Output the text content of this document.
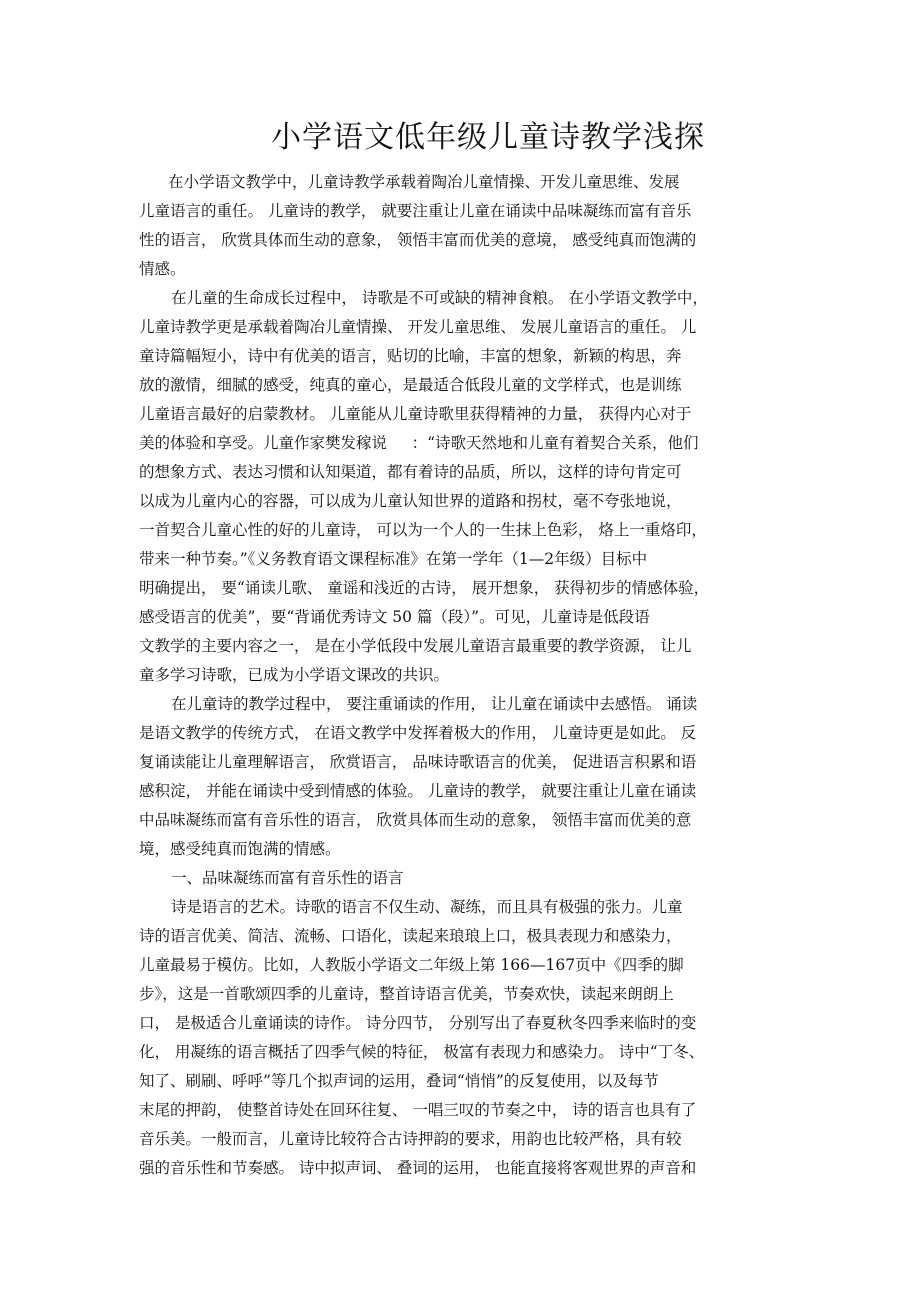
小学语文低年级儿童诗教学浅探
在小学语文教学中，儿童诗教学承载着陶冶儿童情操、开发儿童思维、发展
儿童语言的重任。 儿童诗的教学， 就要注重让儿童在诵读中品味凝练而富有音乐
性的语言， 欣赏具体而生动的意象， 领悟丰富而优美的意境， 感受纯真而饱满的
情感。
在儿童的生命成长过程中， 诗歌是不可或缺的精神食粮。 在小学语文教学中，
儿童诗教学更是承载着陶冶儿童情操、 开发儿童思维、 发展儿童语言的重任。 儿
童诗篇幅短小，诗中有优美的语言，贴切的比喻，丰富的想象，新颖的构思，奔
放的激情，细腻的感受，纯真的童心，是最适合低段儿童的文学样式，也是训练
儿童语言最好的启蒙教材。 儿童能从儿童诗歌里获得精神的力量， 获得内心对于
美的体验和享受。儿童作家樊发稼说     ：“诗歌天然地和儿童有着契合关系，他们
的想象方式、表达习惯和认知渠道，都有着诗的品质，所以，这样的诗句肯定可
以成为儿童内心的容器，可以成为儿童认知世界的道路和拐杖，毫不夸张地说，
一首契合儿童心性的好的儿童诗， 可以为一个人的一生抹上色彩， 烙上一重烙印，
带来一种节奏。”《义务教育语文课程标准》在第一学年（1—2年级）目标中
明确提出， 要“诵读儿歌、 童谣和浅近的古诗， 展开想象， 获得初步的情感体验，
感受语言的优美”，要“背诵优秀诗文 50 篇（段）”。可见，儿童诗是低段语
文教学的主要内容之一， 是在小学低段中发展儿童语言最重要的教学资源， 让儿
童多学习诗歌，已成为小学语文课改的共识。
在儿童诗的教学过程中， 要注重诵读的作用， 让儿童在诵读中去感悟。 诵读
是语文教学的传统方式， 在语文教学中发挥着极大的作用， 儿童诗更是如此。 反
复诵读能让儿童理解语言， 欣赏语言， 品味诗歌语言的优美， 促进语言积累和语
感积淀， 并能在诵读中受到情感的体验。 儿童诗的教学， 就要注重让儿童在诵读
中品味凝练而富有音乐性的语言， 欣赏具体而生动的意象， 领悟丰富而优美的意
境，感受纯真而饱满的情感。
一、品味凝练而富有音乐性的语言
诗是语言的艺术。诗歌的语言不仅生动、凝练，而且具有极强的张力。儿童
诗的语言优美、简洁、流畅、口语化，读起来琅琅上口，极具表现力和感染力，
儿童最易于模仿。比如，人教版小学语文二年级上第 166—167页中《四季的脚
步》，这是一首歌颂四季的儿童诗，整首诗语言优美，节奏欢快，读起来朗朗上
口， 是极适合儿童诵读的诗作。 诗分四节， 分别写出了春夏秋冬四季来临时的变
化， 用凝练的语言概括了四季气候的特征， 极富有表现力和感染力。 诗中“丁冬、
知了、刷刷、呼呼”等几个拟声词的运用，叠词“悄悄”的反复使用，以及每节
末尾的押韵， 使整首诗处在回环往复、 一唱三叹的节奏之中， 诗的语言也具有了
音乐美。一般而言，儿童诗比较符合古诗押韵的要求，用韵也比较严格，具有较
强的音乐性和节奏感。 诗中拟声词、 叠词的运用， 也能直接将客观世界的声音和
